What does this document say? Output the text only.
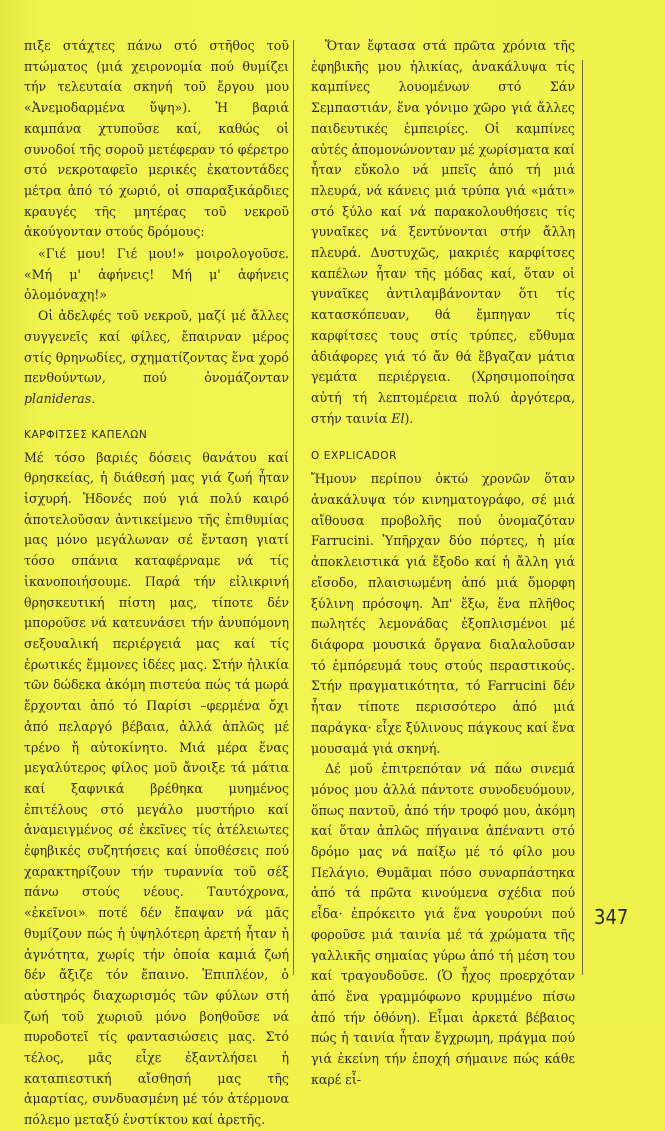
πιξε στάχτες πάνω στό στῆθος τοῦ πτώματος (μιά χειρονομία πού θυμίζει τήν τελευταία σκηνή τοῦ ἔργου μου «Ἀνεμοδαρμένα ὕψη»). Ἡ βαριά καμπάνα χτυποῦσε καί, καθώς οἱ συνοδοί τῆς σοροῦ μετέφεραν τό φέρετρο στό νεκροταφεῖο μερικές ἑκατοντάδες μέτρα ἀπό τό χωριό, οἱ σπαραξικάρδιες κραυγές τῆς μητέρας τοῦ νεκροῦ ἀκούγονταν στούς δρόμους:

«Γιέ μου! Γιέ μου!» μοιρολογοῦσε. «Μή μ' ἀφήνεις! Μή μ' ἀφήνεις ὁλομόναχη!»

Οἱ ἀδελφές τοῦ νεκροῦ, μαζί μέ ἄλλες συγγενεῖς καί φίλες, ἔπαιρναν μέρος στίς θρηνωδίες, σχηματίζοντας ἕνα χορό πενθούντων, πού ὀνομάζονταν planideras.

ΚΑΡΦΙΤΣΕΣ ΚΑΠΕΛΩΝ

Μέ τόσο βαριές δόσεις θανάτου καί θρησκείας, ἡ διάθεσή μας γιά ζωή ἦταν ἰσχυρή. Ἡδονές πού γιά πολύ καιρό ἀποτελοῦσαν ἀντικείμενο τῆς ἐπιθυμίας μας μόνο μεγάλωναν σέ ἔνταση γιατί τόσο σπάνια καταφέρναμε νά τίς ἱκανοποιήσουμε. Παρά τήν εἰλικρινή θρησκευτική πίστη μας, τίποτε δέν μποροῦσε νά κατευνάσει τήν ἀνυπόμονη σεξουαλική περιέργειά μας καί τίς ἐρωτικές ἔμμονες ἰδέες μας. Στήν ἡλικία τῶν δώδεκα ἀκόμη πιστεύα πώς τά μωρά ἔρχονται ἀπό τό Παρίσι –φερμένα ὄχι ἀπό πελαργό βέβαια, ἀλλά ἁπλῶς μέ τρένο ἤ αὐτοκίνητο. Μιά μέρα ἕνας μεγαλύτερος φίλος μοῦ ἄνοιξε τά μάτια καί ξαφνικά βρέθηκα μυημένος ἐπιτέλους στό μεγάλο μυστήριο καί ἀναμειγμένος σέ ἐκεῖνες τίς ἀτέλειωτες ἐφηβικές συζητήσεις καί ὑποθέσεις πού χαρακτηρίζουν τήν τυραννία τοῦ σέξ πάνω στούς νέους. Ταυτόχρονα, «ἐκεῖνοι» ποτέ δέν ἔπαψαν νά μᾶς θυμίζουν πώς ἡ ὑψηλότερη ἀρετή ἦταν ἡ ἁγνότητα, χωρίς τήν ὁποία καμιά ζωή δέν ἄξιζε τόν ἔπαινο. Ἐπιπλέον, ὁ αὐστηρός διαχωρισμός τῶν φύλων στή ζωή τοῦ χωριοῦ μόνο βοηθοῦσε νά πυροδοτεῖ τίς φαντασιώσεις μας. Στό τέλος, μᾶς εἶχε ἐξαντλήσει ἡ καταπιεστική αἴσθησή μας τῆς ἁμαρτίας, συνδυασμένη μέ τόν ἀτέρμονα πόλεμο μεταξύ ἐνστίκτου καί ἀρετῆς.

Ὅταν ἔφτασα στά πρῶτα χρόνια τῆς ἐφηβικῆς μου ἡλικίας, ἀνακάλυψα τίς καμπίνες λουομένων στό Σάν Σεμπαστιάν, ἕνα γόνιμο χῶρο γιά ἄλλες παιδευτικές ἐμπειρίες. Οἱ καμπίνες αὐτές ἀπομονώνονταν μέ χωρίσματα καί ἦταν εὔκολο νά μπεῖς ἀπό τή μιά πλευρά, νά κάνεις μιά τρύπα γιά «μάτι» στό ξύλο καί νά παρακολουθήσεις τίς γυναῖκες νά ξεντύνονται στήν ἄλλη πλευρά. Δυστυχῶς, μακριές καρφίτσες καπέλων ἦταν τῆς μόδας καί, ὅταν οἱ γυναῖκες ἀντιλαμβάνονταν ὅτι τίς κατασκόπευαν, θά ἔμπηγαν τίς καρφίτσες τους στίς τρύπες, εὔθυμα ἀδιάφορες γιά τό ἄν θά ἔβγαζαν μάτια γεμάτα περιέργεια. (Χρησιμοποίησα αὐτή τή λεπτομέρεια πολύ ἀργότερα, στήν ταινία El).

O EXPLICADOR

Ἤμουν περίπου ὀκτώ χρονῶν ὅταν ἀνακάλυψα τόν κινηματογράφο, σέ μιά αἴθουσα προβολῆς πού ὀνομαζόταν Farrucini. Ὑπῆρχαν δύο πόρτες, ἡ μία ἀποκλειστικά γιά ἔξοδο καί ἡ ἄλλη γιά εἴσοδο, πλαισιωμένη ἀπό μιά ὅμορφη ξύλινη πρόσοψη. Ἀπ' ἔξω, ἕνα πλῆθος πωλητές λεμονάδας ἐξοπλισμένοι μέ διάφορα μουσικά ὄργανα διαλαλοῦσαν τό ἐμπόρευμά τους στούς περαστικούς. Στήν πραγματικότητα, τό Farrucini δέν ἦταν τίποτε περισσότερο ἀπό μιά παράγκα· εἶχε ξύλινους πάγκους καί ἕνα μουσαμά γιά σκηνή.

Δέ μοῦ ἐπιτρεπόταν νά πάω σινεμά μόνος μου ἀλλά πάντοτε συνοδευόμουν, ὅπως παντοῦ, ἀπό τήν τροφό μου, ἀκόμη καί ὅταν ἁπλῶς πήγαινα ἀπέναντι στό δρόμο μας νά παίξω μέ τό φίλο μου Πελάγιο. Θυμᾶμαι πόσο συναρπάστηκα ἀπό τά πρῶτα κινούμενα σχέδια πού εἶδα· ἐπρόκειτο γιά ἕνα γουρούνι πού φοροῦσε μιά ταινία μέ τά χρώματα τῆς γαλλικῆς σημαίας γύρω ἀπό τή μέση του καί τραγουδοῦσε. (Ὁ ἦχος προερχόταν ἀπό ἕνα γραμμόφωνο κρυμμένο πίσω ἀπό τήν ὀθόνη). Εἶμαι ἀρκετά βέβαιος πώς ἡ ταινία ἦταν ἔγχρωμη, πράγμα πού γιά ἐκείνη τήν ἐποχή σήμαινε πώς κάθε καρέ εἶ-

347
